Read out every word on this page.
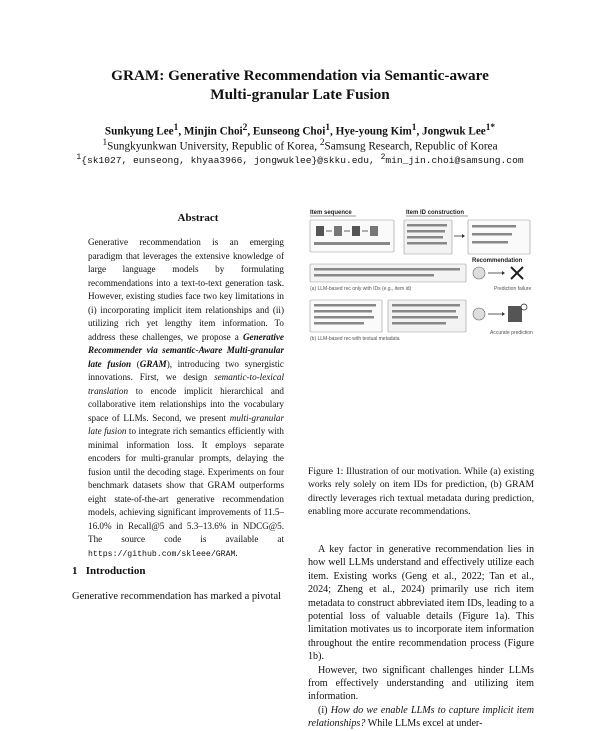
GRAM: Generative Recommendation via Semantic-aware
Multi-granular Late Fusion
Sunkyung Lee$^1$, Minjin Choi$^2$, Eunseong Choi$^1$, Hye-young Kim$^1$, Jongwuk Lee$^{1*}$
$^1$Sungkyunkwan University, Republic of Korea, $^2$Samsung Research, Republic of Korea
$^1${sk1027, eunseong, khyaa3966, jongwuklee}@skku.edu, $^2$min_jin.choi@samsung.com
Abstract
Generative recommendation is an emerging paradigm that leverages the extensive knowledge of large language models by formulating recommendations into a text-to-text generation task. However, existing studies face two key limitations in (i) incorporating implicit item relationships and (ii) utilizing rich yet lengthy item information. To address these challenges, we propose a Generative Recommender via semantic-Aware Multi-granular late fusion (GRAM), introducing two synergistic innovations. First, we design semantic-to-lexical translation to encode implicit hierarchical and collaborative item relationships into the vocabulary space of LLMs. Second, we present multi-granular late fusion to integrate rich semantics efficiently with minimal information loss. It employs separate encoders for multi-granular prompts, delaying the fusion until the decoding stage. Experiments on four benchmark datasets show that GRAM outperforms eight state-of-the-art generative recommendation models, achieving significant improvements of 11.5–16.0% in Recall@5 and 5.3–13.6% in NDCG@5. The source code is available at https://github.com/skleee/GRAM.
1 Introduction
Generative recommendation has marked a pivotal
Item sequence	Item ID construction
Recommendation
(a) LLM-based rec only with IDs (e.g., item id)	Prediction failure
(b) LLM-based rec with textual metadata
Accurate prediction
Figure 1: Illustration of our motivation. While (a) existing works rely solely on item IDs for prediction, (b) GRAM directly leverages rich textual metadata during prediction, enabling more accurate recommendations.

A key factor in generative recommendation lies in how well LLMs understand and effectively utilize each item. Existing works (Geng et al., 2022; Tan et al., 2024; Zheng et al., 2024) primarily use rich item metadata to construct abbreviated item IDs, leading to a potential loss of valuable details (Figure 1a). This limitation motivates us to incorporate item information throughout the entire recommendation process (Figure 1b).

However, two significant challenges hinder LLMs from effectively understanding and utilizing item information.

(i) How do we enable LLMs to capture implicit item relationships? While LLMs excel at under-
